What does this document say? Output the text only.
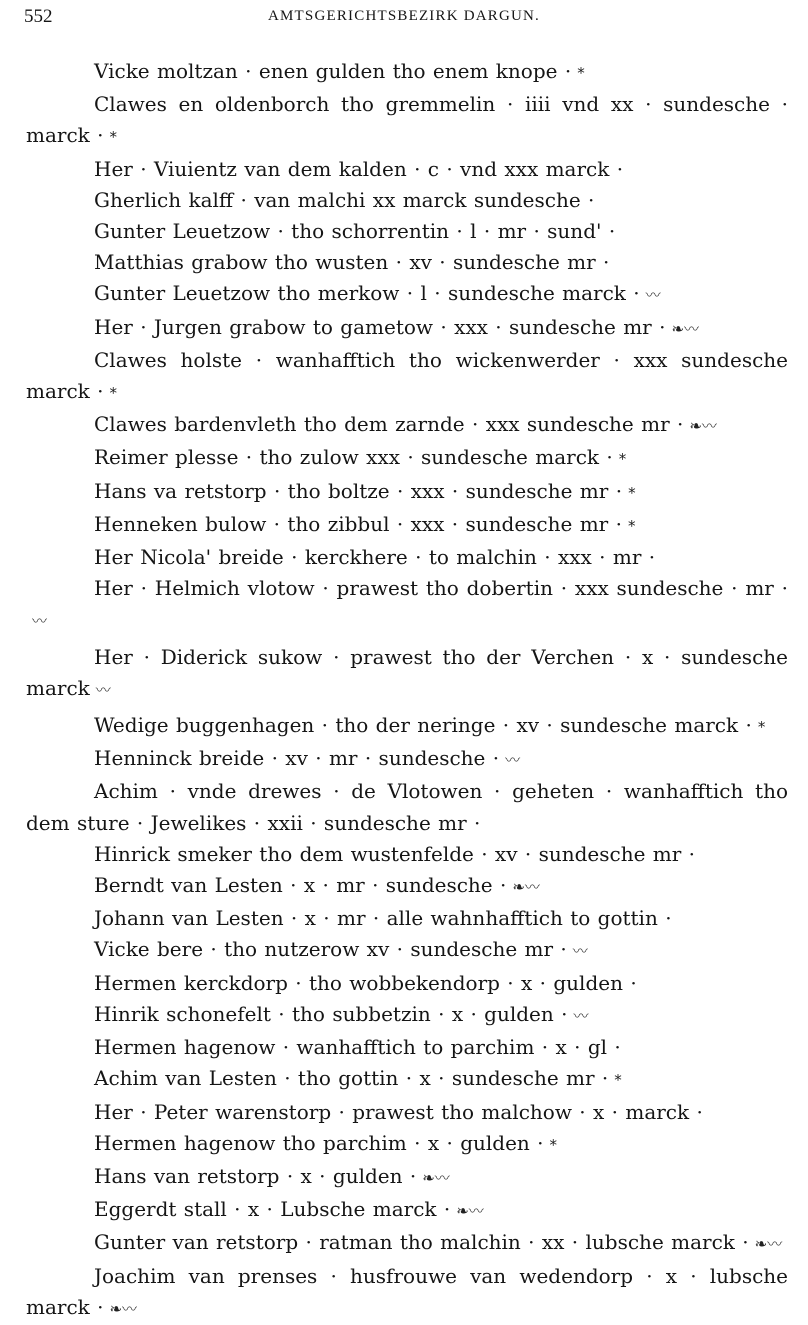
552	AMTSGERICHTSBEZIRK DARGUN.

Vicke moltzan · enen gulden tho enem knope · *

Clawes en oldenborch tho gremmelin · iiii vnd xx · sundesche · marck · *

Her · Viuientz van dem kalden · c · vnd xxx marck ·

Gherlich kalff · van malchi xx marck sundesche ·

Gunter Leuetzow · tho schorrentin · l · mr · sund' ·

Matthias grabow tho wusten · xv · sundesche mr ·

Gunter Leuetzow tho merkow · l · sundesche marck · 〰

Her · Jurgen grabow to gametow · xxx · sundesche mr · ❧〰

Clawes holste · wanhafftich tho wickenwerder · xxx sundesche marck · *

Clawes bardenvleth tho dem zarnde · xxx sundesche mr · ❧〰

Reimer plesse · tho zulow xxx · sundesche marck · *

Hans va retstorp · tho boltze · xxx · sundesche mr · *

Henneken bulow · tho zibbul · xxx · sundesche mr · *

Her Nicola' breide · kerckhere · to malchin · xxx · mr ·

Her · Helmich vlotow · prawest tho dobertin · xxx sundesche · mr ·〰

Her · Diderick sukow · prawest tho der Verchen · x · sundesche marck 〰

Wedige buggenhagen · tho der neringe · xv · sundesche marck · *

Henninck breide · xv · mr · sundesche · 〰

Achim · vnde drewes · de Vlotowen · geheten · wanhafftich tho dem sture · Jewelikes · xxii · sundesche mr ·

Hinrick smeker tho dem wustenfelde · xv · sundesche mr ·

Berndt van Lesten · x · mr · sundesche · ❧〰

Johann van Lesten · x · mr · alle wahnhafftich to gottin ·

Vicke bere · tho nutzerow xv · sundesche mr · 〰

Hermen kerckdorp · tho wobbekendorp · x · gulden ·

Hinrik schonefelt · tho subbetzin · x · gulden · 〰

Hermen hagenow · wanhafftich to parchim · x · gl ·

Achim van Lesten · tho gottin · x · sundesche mr · *

Her · Peter warenstorp · prawest tho malchow · x · marck ·

Hermen hagenow tho parchim · x · gulden · *

Hans van retstorp · x · gulden · ❧〰

Eggerdt stall · x · Lubsche marck · ❧〰

Gunter van retstorp · ratman tho malchin · xx · lubsche marck · ❧〰

Joachim van prenses · husfrouwe van wedendorp · x · lubsche marck · ❧〰
